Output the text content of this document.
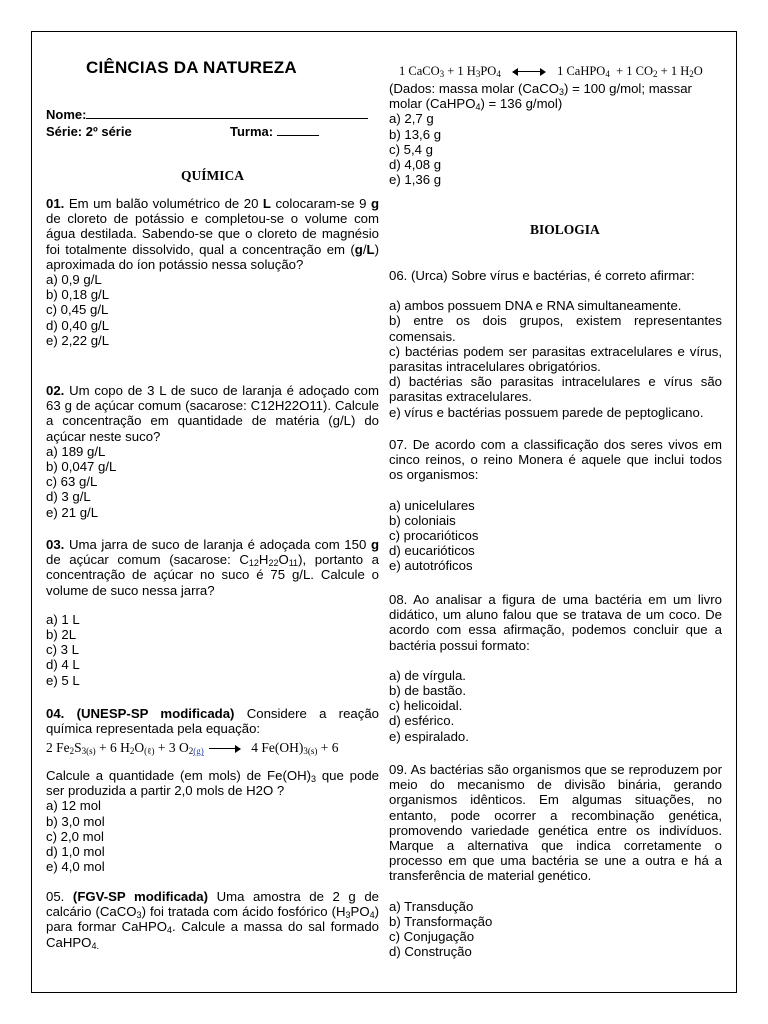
CIÊNCIAS DA NATUREZA
Nome:
Série: 2º série	Turma:
QUÍMICA

01. Em um balão volumétrico de 20 L colocaram-se 9 g de cloreto de potássio e completou-se o volume com água destilada. Sabendo-se que o cloreto de magnésio foi totalmente dissolvido, qual a concentração em (g/L) aproximada do íon potássio nessa solução?

a) 0,9 g/L
b) 0,18 g/L
c) 0,45 g/L
d) 0,40 g/L
e) 2,22 g/L

02. Um copo de 3 L de suco de laranja é adoçado com 63 g de açúcar comum (sacarose: C12H22O11). Calcule a concentração em quantidade de matéria (g/L) do açúcar neste suco?

a) 189 g/L
b) 0,047 g/L
c) 63 g/L
d) 3 g/L
e) 21 g/L

03. Uma jarra de suco de laranja é adoçada com 150 g de açúcar comum (sacarose: $C_{12}H_{22}O_{11}$), portanto a concentração de açúcar no suco é 75 g/L. Calcule o volume de suco nessa jarra?

a) 1 L
b) 2L
c) 3 L
d) 4 L
e) 5 L

04. (UNESP-SP modificada) Considere a reação química representada pela equação:

2 $Fe_2S_{3(s)} + 6$ $H_2O_{(\ell)} + 3$ $O_{2(g)}$	4 $Fe(OH)_{3(s)} + 6$

Calcule a quantidade (em mols) de $Fe(OH)_3$ que pode ser produzida a partir 2,0 mols de H2O ?

a) 12 mol
b) 3,0 mol
c) 2,0 mol
d) 1,0 mol
e) 4,0 mol

05. (FGV-SP modificada) Uma amostra de 2 g de calcário (CaCO$_3$) foi tratada com ácido fosfórico $(H_3PO_4)$ para formar CaHPO$_4$. Calcule a massa do sal formado CaHPO$_{4.}$

1 CaCO$_3$ + 1 $H_3PO_4$	1 CaHPO$_4$  + 1 $CO_2 + 1$ $H_2O$

(Dados: massa molar (CaCO$_3$) = 100 g/mol; massar molar (CaHPO$_4$) = 136 g/mol)

a) 2,7 g
b) 13,6 g
c) 5,4 g
d) 4,08 g
e) 1,36 g
BIOLOGIA

06. (Urca) Sobre vírus e bactérias, é correto afirmar:

a) ambos possuem DNA e RNA simultaneamente.
b) entre os dois grupos, existem representantes comensais.
c) bactérias podem ser parasitas extracelulares e vírus, parasitas intracelulares obrigatórios.
d) bactérias são parasitas intracelulares e vírus são parasitas extracelulares.
e) vírus e bactérias possuem parede de peptoglicano.

07. De acordo com a classificação dos seres vivos em cinco reinos, o reino Monera é aquele que inclui todos os organismos:

a) unicelulares
b) coloniais
c) procarióticos
d) eucarióticos
e) autotróficos

08. Ao analisar a figura de uma bactéria em um livro didático, um aluno falou que se tratava de um coco. De acordo com essa afirmação, podemos concluir que a bactéria possui formato:

a) de vírgula.
b) de bastão.
c) helicoidal.
d) esférico.
e) espiralado.

09. As bactérias são organismos que se reproduzem por meio do mecanismo de divisão binária, gerando organismos idênticos. Em algumas situações, no entanto, pode ocorrer a recombinação genética, promovendo variedade genética entre os indivíduos. Marque a alternativa que indica corretamente o processo em que uma bactéria se une a outra e há a transferência de material genético.

a) Transdução
b) Transformação
c) Conjugação
d) Construção
